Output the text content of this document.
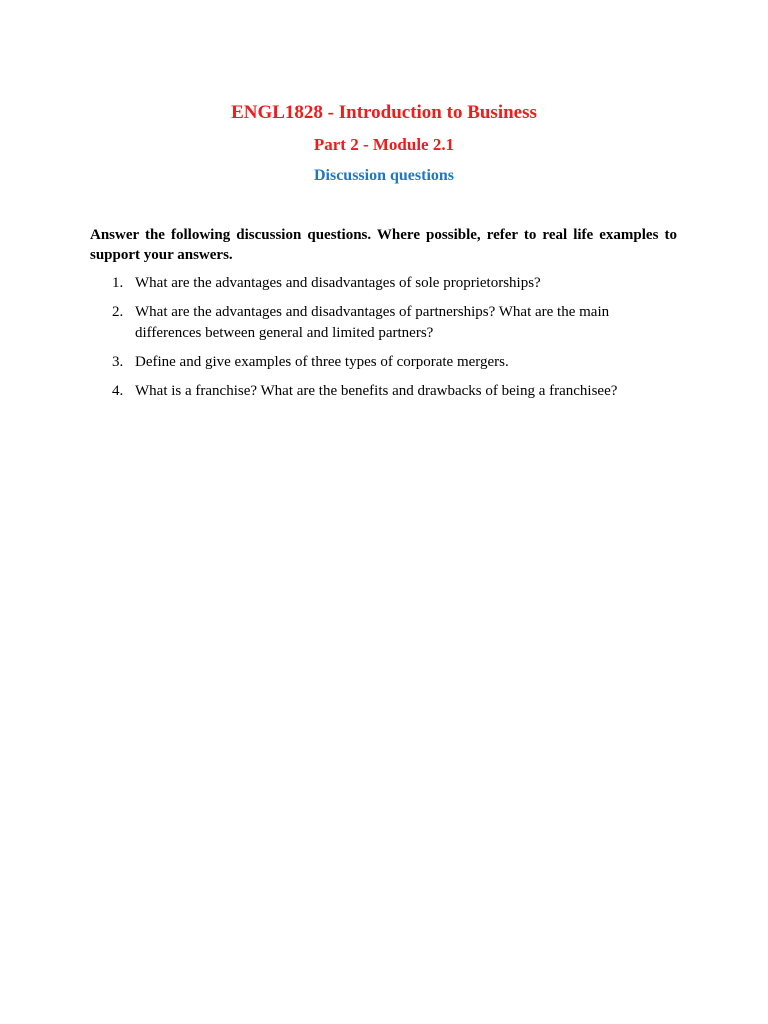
ENGL1828 - Introduction to Business
Part 2 - Module 2.1
Discussion questions

Answer the following discussion questions. Where possible, refer to real life examples to support your answers.

1. What are the advantages and disadvantages of sole proprietorships?
2. What are the advantages and disadvantages of partnerships? What are the main differences between general and limited partners?
3. Define and give examples of three types of corporate mergers.
4. What is a franchise? What are the benefits and drawbacks of being a franchisee?
